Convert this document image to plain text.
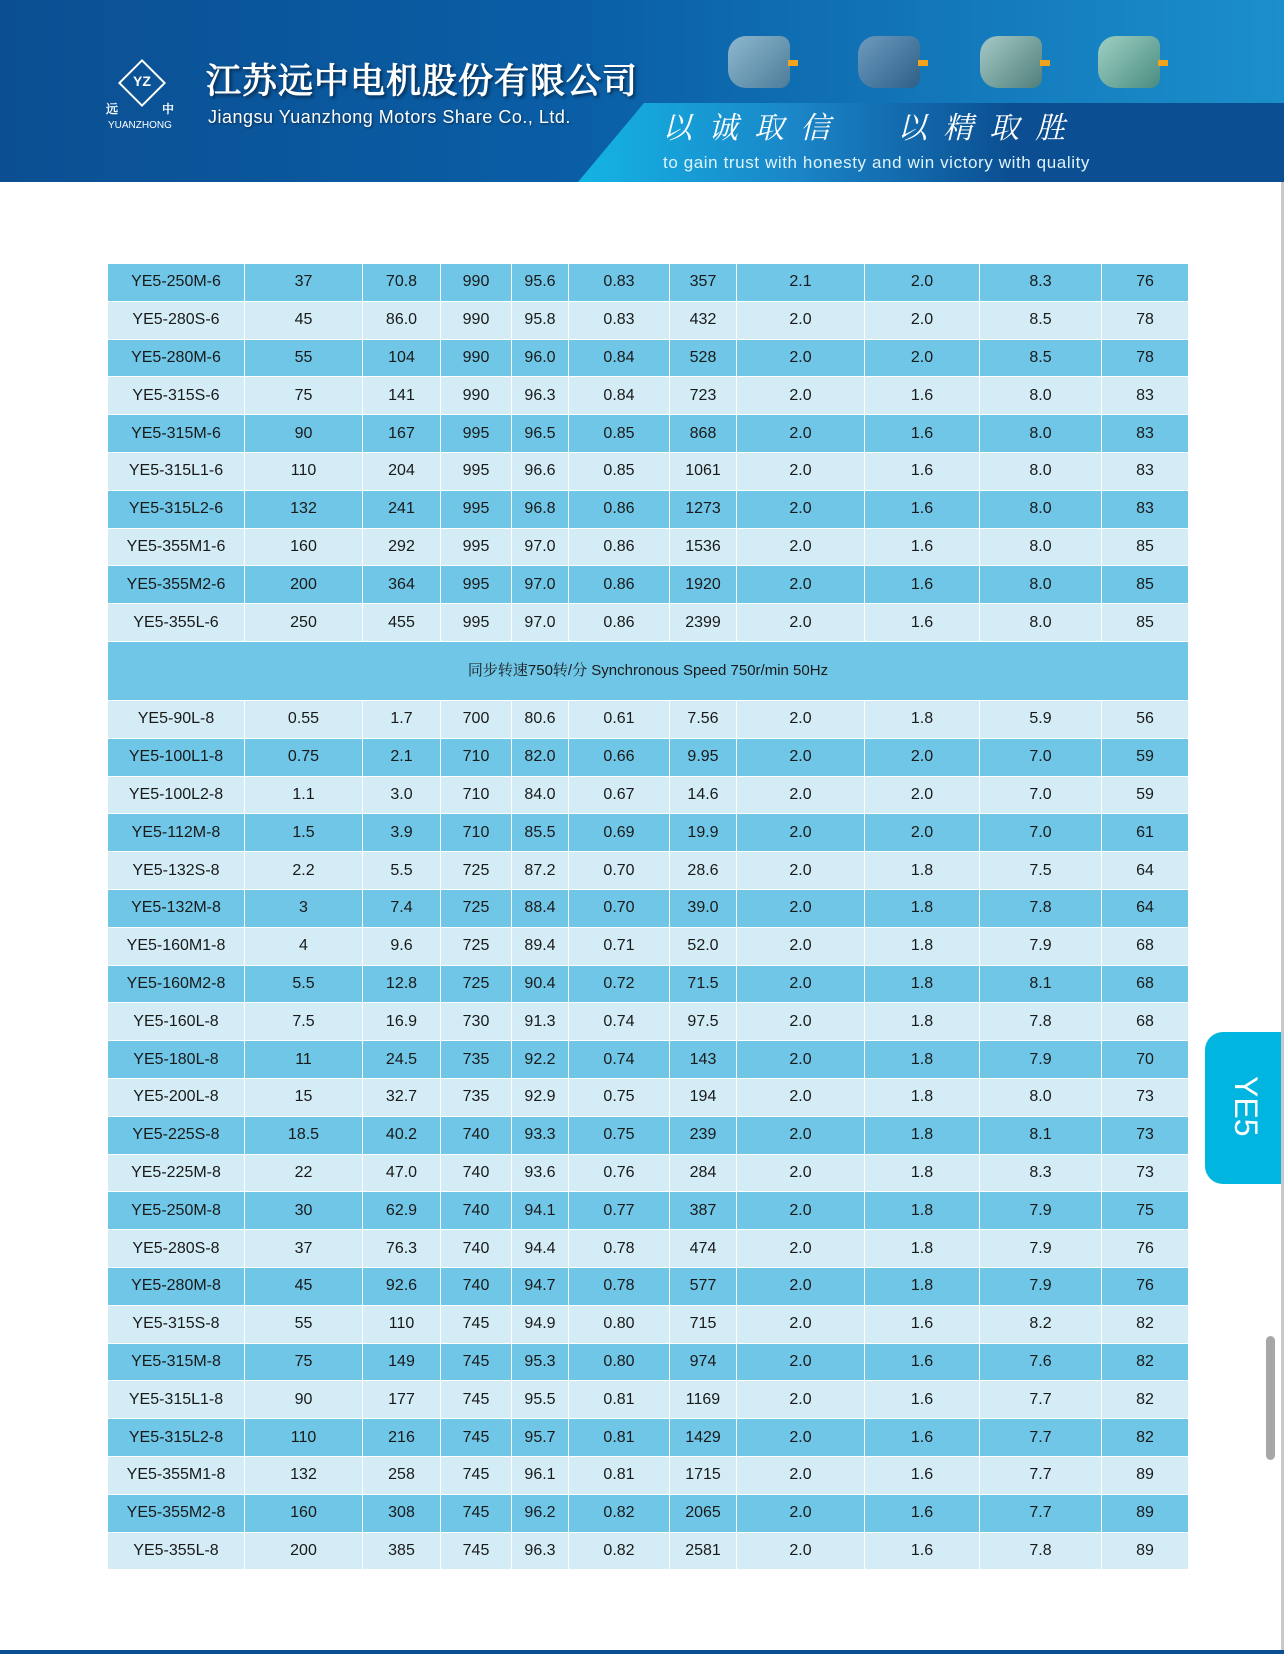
YZ
远	中
YUANZHONG
江苏远中电机股份有限公司
Jiangsu Yuanzhong Motors Share Co., Ltd.	以诚取信  以精取胜
to gain trust with honesty and win victory with quality
YE5-250M-6	37	70.8	990	95.6	0.83	357	2.1	2.0	8.3	76
YE5-280S-6	45	86.0	990	95.8	0.83	432	2.0	2.0	8.5	78
YE5-280M-6	55	104	990	96.0	0.84	528	2.0	2.0	8.5	78
YE5-315S-6	75	141	990	96.3	0.84	723	2.0	1.6	8.0	83
YE5-315M-6	90	167	995	96.5	0.85	868	2.0	1.6	8.0	83
YE5-315L1-6	110	204	995	96.6	0.85	1061	2.0	1.6	8.0	83
YE5-315L2-6	132	241	995	96.8	0.86	1273	2.0	1.6	8.0	83
YE5-355M1-6	160	292	995	97.0	0.86	1536	2.0	1.6	8.0	85
YE5-355M2-6	200	364	995	97.0	0.86	1920	2.0	1.6	8.0	85
YE5-355L-6	250	455	995	97.0	0.86	2399	2.0	1.6	8.0	85
同步转速750转/分 Synchronous Speed 750r/min 50Hz										
YE5-90L-8	0.55	1.7	700	80.6	0.61	7.56	2.0	1.8	5.9	56
YE5-100L1-8	0.75	2.1	710	82.0	0.66	9.95	2.0	2.0	7.0	59
YE5-100L2-8	1.1	3.0	710	84.0	0.67	14.6	2.0	2.0	7.0	59
YE5-112M-8	1.5	3.9	710	85.5	0.69	19.9	2.0	2.0	7.0	61
YE5-132S-8	2.2	5.5	725	87.2	0.70	28.6	2.0	1.8	7.5	64
YE5-132M-8	3	7.4	725	88.4	0.70	39.0	2.0	1.8	7.8	64
YE5-160M1-8	4	9.6	725	89.4	0.71	52.0	2.0	1.8	7.9	68
YE5-160M2-8	5.5	12.8	725	90.4	0.72	71.5	2.0	1.8	8.1	68
YE5-160L-8	7.5	16.9	730	91.3	0.74	97.5	2.0	1.8	7.8	68
YE5-180L-8	11	24.5	735	92.2	0.74	143	2.0	1.8	7.9	70
YE5-200L-8	15	32.7	735	92.9	0.75	194	2.0	1.8	8.0	73
YE5-225S-8	18.5	40.2	740	93.3	0.75	239	2.0	1.8	8.1	73
YE5-225M-8	22	47.0	740	93.6	0.76	284	2.0	1.8	8.3	73
YE5-250M-8	30	62.9	740	94.1	0.77	387	2.0	1.8	7.9	75
YE5-280S-8	37	76.3	740	94.4	0.78	474	2.0	1.8	7.9	76
YE5-280M-8	45	92.6	740	94.7	0.78	577	2.0	1.8	7.9	76
YE5-315S-8	55	110	745	94.9	0.80	715	2.0	1.6	8.2	82
YE5-315M-8	75	149	745	95.3	0.80	974	2.0	1.6	7.6	82
YE5-315L1-8	90	177	745	95.5	0.81	1169	2.0	1.6	7.7	82
YE5-315L2-8	110	216	745	95.7	0.81	1429	2.0	1.6	7.7	82
YE5-355M1-8	132	258	745	96.1	0.81	1715	2.0	1.6	7.7	89
YE5-355M2-8	160	308	745	96.2	0.82	2065	2.0	1.6	7.7	89
YE5-355L-8	200	385	745	96.3	0.82	2581	2.0	1.6	7.8	89
YE5
